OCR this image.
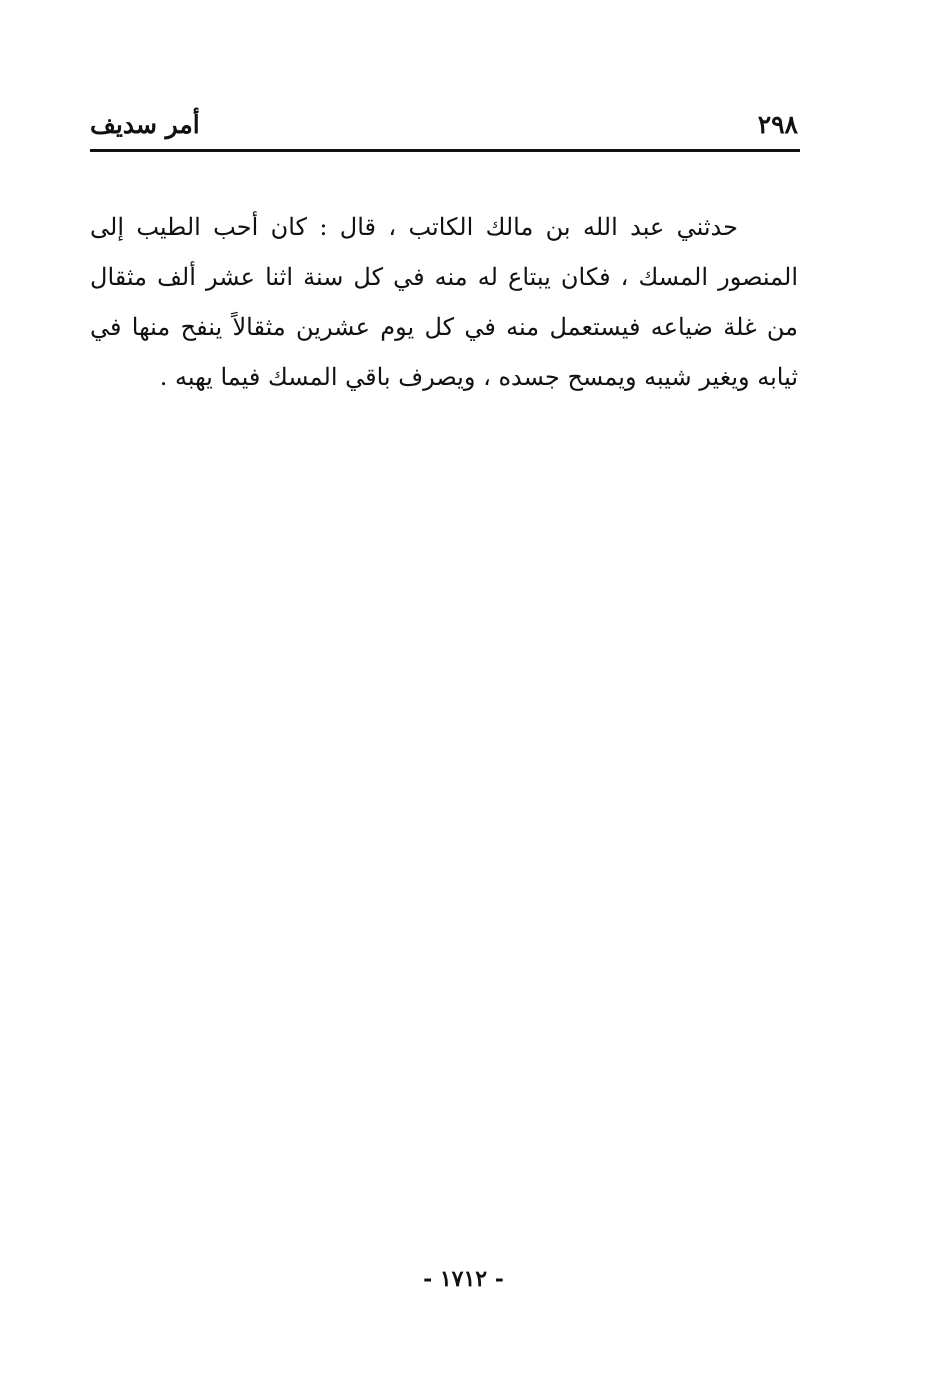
أمر سديف	٢٩٨

حدثني عبد الله بن مالك الكاتب ، قال : كان أحب الطيب إلى المنصور المسك ، فكان يبتاع له منه في كل سنة اثنا عشر ألف مثقال من غلة ضياعه فيستعمل منه في كل يوم عشرين مثقالاً ينفح منها في ثيابه ويغير شيبه ويمسح جسده ، ويصرف باقي المسك فيما يهبه .

- ١٧١٢ -
